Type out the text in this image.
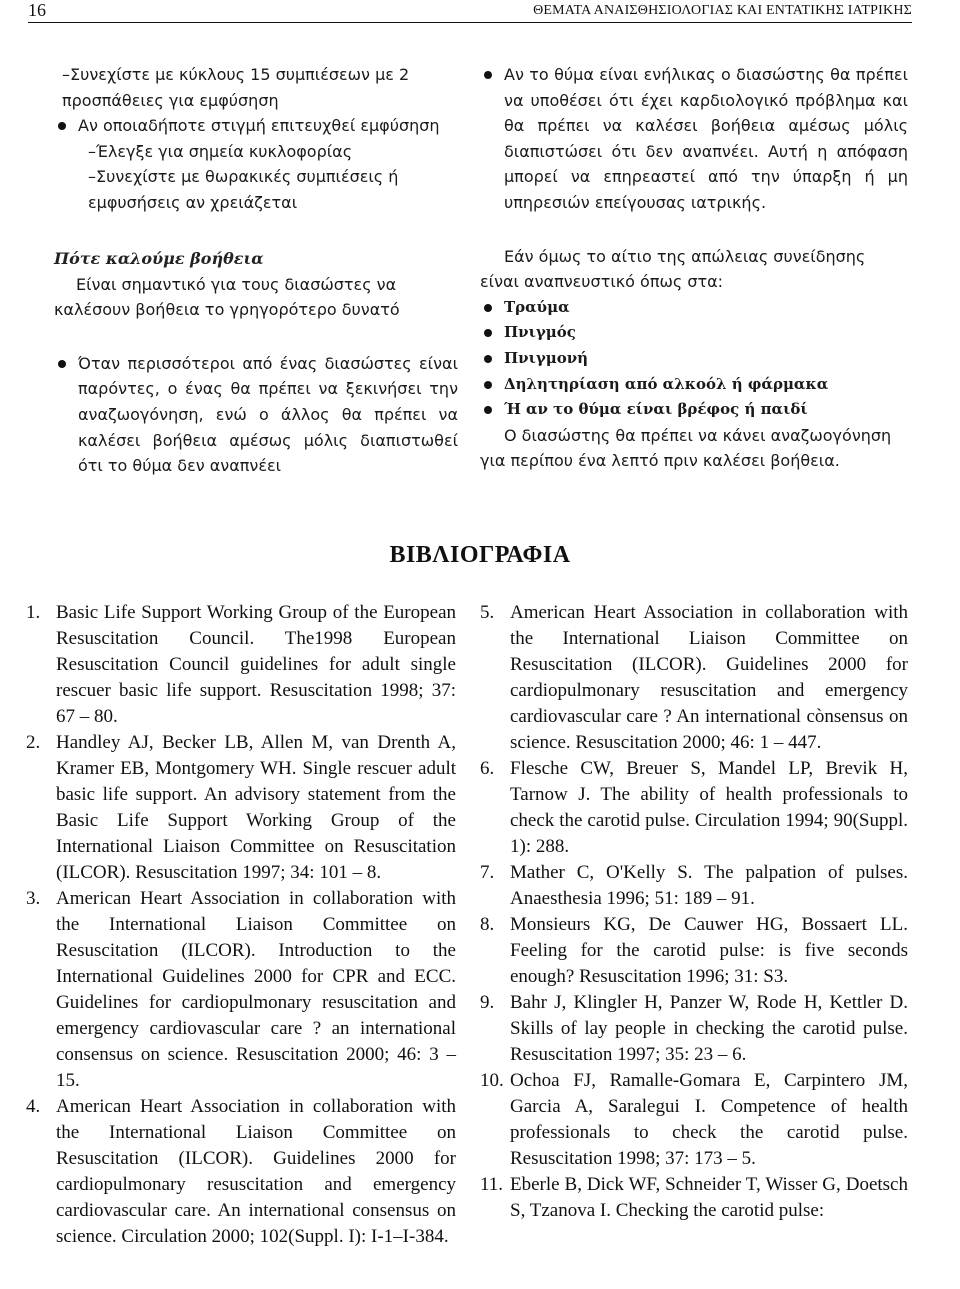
16	ΘΕΜΑΤΑ ΑΝΑΙΣΘΗΣΙΟΛΟΓΙΑΣ ΚΑΙ ΕΝΤΑΤΙΚΗΣ ΙΑΤΡΙΚΗΣ

–Συνεχίστε με κύκλους 15 συμπιέσεων με 2 προσπάθειες για εμφύσηση

Αν οποιαδήποτε στιγμή επιτευχθεί εμφύσηση

–Έλεγξε για σημεία κυκλοφορίας

–Συνεχίστε με θωρακικές συμπιέσεις ή εμφυσήσεις αν χρειάζεται

Πότε καλούμε βοήθεια

Είναι σημαντικό για τους διασώστες να καλέσουν βοήθεια το γρηγορότερο δυνατό

Όταν περισσότεροι από ένας διασώστες είναι παρόντες, ο ένας θα πρέπει να ξεκινήσει την αναζωογόνηση, ενώ ο άλλος θα πρέπει να καλέσει βοήθεια αμέσως μόλις διαπιστωθεί ότι το θύμα δεν αναπνέει

Αν το θύμα είναι ενήλικας ο διασώστης θα πρέπει να υποθέσει ότι έχει καρδιολογικό πρόβλημα και θα πρέπει να καλέσει βοήθεια αμέσως μόλις διαπιστώσει ότι δεν αναπνέει. Αυτή η απόφαση μπορεί να επηρεαστεί από την ύπαρξη ή μη υπηρεσιών επείγουσας ιατρικής.

Εάν όμως το αίτιο της απώλειας συνείδησης είναι αναπνευστικό όπως στα:

Τραύμα

Πνιγμός

Πνιγμονή

Δηλητηρίαση από αλκοόλ ή φάρμακα

Ή αν το θύμα είναι βρέφος ή παιδί

Ο διασώστης θα πρέπει να κάνει αναζωογόνηση για περίπου ένα λεπτό πριν καλέσει βοήθεια.

ΒΙΒΛΙΟΓΡΑΦΙΑ

1. Basic Life Support Working Group of the European Resuscitation Council. The1998 European Resuscitation Council guidelines for adult single rescuer basic life support. Resuscitation 1998; 37: 67 – 80.

2. Handley AJ, Becker LB, Allen M, van Drenth A, Kramer EB, Montgomery WH. Single rescuer adult basic life support. An advisory statement from the Basic Life Support Working Group of the International Liaison Committee on Resuscitation (ILCOR). Resuscitation 1997; 34: 101 – 8.

3. American Heart Association in collaboration with the International Liaison Committee on Resuscitation (ILCOR). Introduction to the International Guidelines 2000 for CPR and ECC. Guidelines for cardiopulmonary resuscitation and emergency cardiovascular care ? an international consensus on science. Resuscitation 2000; 46: 3 – 15.

4. American Heart Association in collaboration with the International Liaison Committee on Resuscitation (ILCOR). Guidelines 2000 for cardiopulmonary resuscitation and emergency cardiovascular care. An international consensus on science. Circulation 2000; 102(Suppl. I): I-1–I-384.

5. American Heart Association in collaboration with the International Liaison Committee on Resuscitation (ILCOR). Guidelines 2000 for cardiopulmonary resuscitation and emergency cardiovascular care ? An international cònsensus on science. Resuscitation 2000; 46: 1 – 447.

6. Flesche CW, Breuer S, Mandel LP, Brevik H, Tarnow J. The ability of health professionals to check the carotid pulse. Circulation 1994; 90(Suppl. 1): 288.

7. Mather C, O'Kelly S. The palpation of pulses. Anaesthesia 1996; 51: 189 – 91.

8. Monsieurs KG, De Cauwer HG, Bossaert LL. Feeling for the carotid pulse: is five seconds enough? Resuscitation 1996; 31: S3.

9. Bahr J, Klingler H, Panzer W, Rode H, Kettler D. Skills of lay people in checking the carotid pulse. Resuscitation 1997; 35: 23 – 6.

10. Ochoa FJ, Ramalle-Gomara E, Carpintero JM, Garcia A, Saralegui I. Competence of health professionals to check the carotid pulse. Resuscitation 1998; 37: 173 – 5.

11. Eberle B, Dick WF, Schneider T, Wisser G, Doetsch S, Tzanova I. Checking the carotid pulse:
